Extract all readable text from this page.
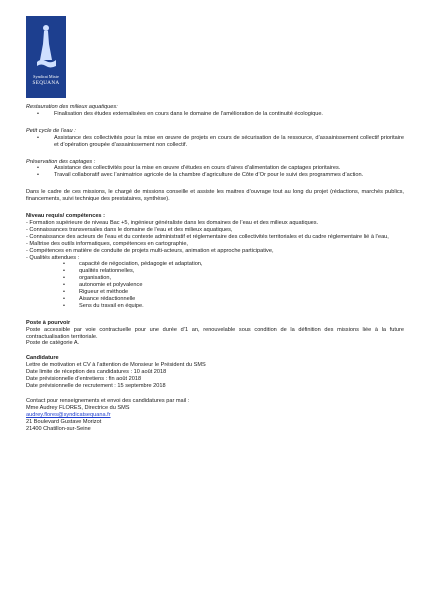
Syndicat Mixte
SEQUANA
Restauration des milieux aquatiques:
• Finalisation des études externalisées en cours dans le domaine de l’amélioration de la continuité écologique.
Petit cycle de l’eau :
• Assistance des collectivités pour la mise en œuvre de projets en cours de sécurisation de la ressource, d’assainissement collectif prioritaire et d’opération groupée d’assainissement non collectif.
Préservation des captages :
• Assistance des collectivités pour la mise en œuvre d’études en cours d’aires d’alimentation de captages prioritaires.
• Travail collaboratif avec l’animatrice agricole de la chambre d’agriculture de Côte d’Or pour le suivi des programmes d’action.
Dans le cadre de ces missions, le chargé de missions conseille et assiste les maitres d’ouvrage tout au long du projet (rédactions, marchés publics, financements, suivi technique des prestataires, synthèse).
Niveau requis/ compétences :
- Formation supérieure de niveau Bac +5, ingénieur généraliste dans les domaines de l’eau et des milieux aquatiques.
- Connaissances transversales dans le domaine de l’eau et des milieux aquatiques,
- Connaissance des acteurs de l’eau et du contexte administratif et réglementaire des collectivités territoriales et du cadre réglementaire lié à l’eau,
- Maîtrise des outils informatiques, compétences en cartographie,
- Compétences en matière de conduite de projets multi-acteurs, animation et approche participative,
- Qualités attendues :
• capacité de négociation, pédagogie et adaptation,
• qualités relationnelles,
• organisation,
• autonomie et polyvalence
• Rigueur et méthode
• Aisance rédactionnelle
• Sens du travail en équipe.
Poste à pourvoir
Poste accessible par voie contractuelle pour une durée d’1 an, renouvelable sous condition de la définition des missions liée à la future contractualisation territoriale.
Poste de catégorie A.
Candidature
Lettre de motivation et CV à l’attention de Monsieur le Président du SMS
Date limite de réception des candidatures : 10 août 2018
Date prévisionnelle d’entretiens : fin août 2018
Date prévisionnelle de recrutement : 15 septembre 2018
Contact pour renseignements et envoi des candidatures par mail :
Mme Audrey FLORES, Directrice du SMS
audrey.flores@syndicatsequana.fr
21 Boulevard Gustave Morizot
21400 Chatillon-sur-Seine
